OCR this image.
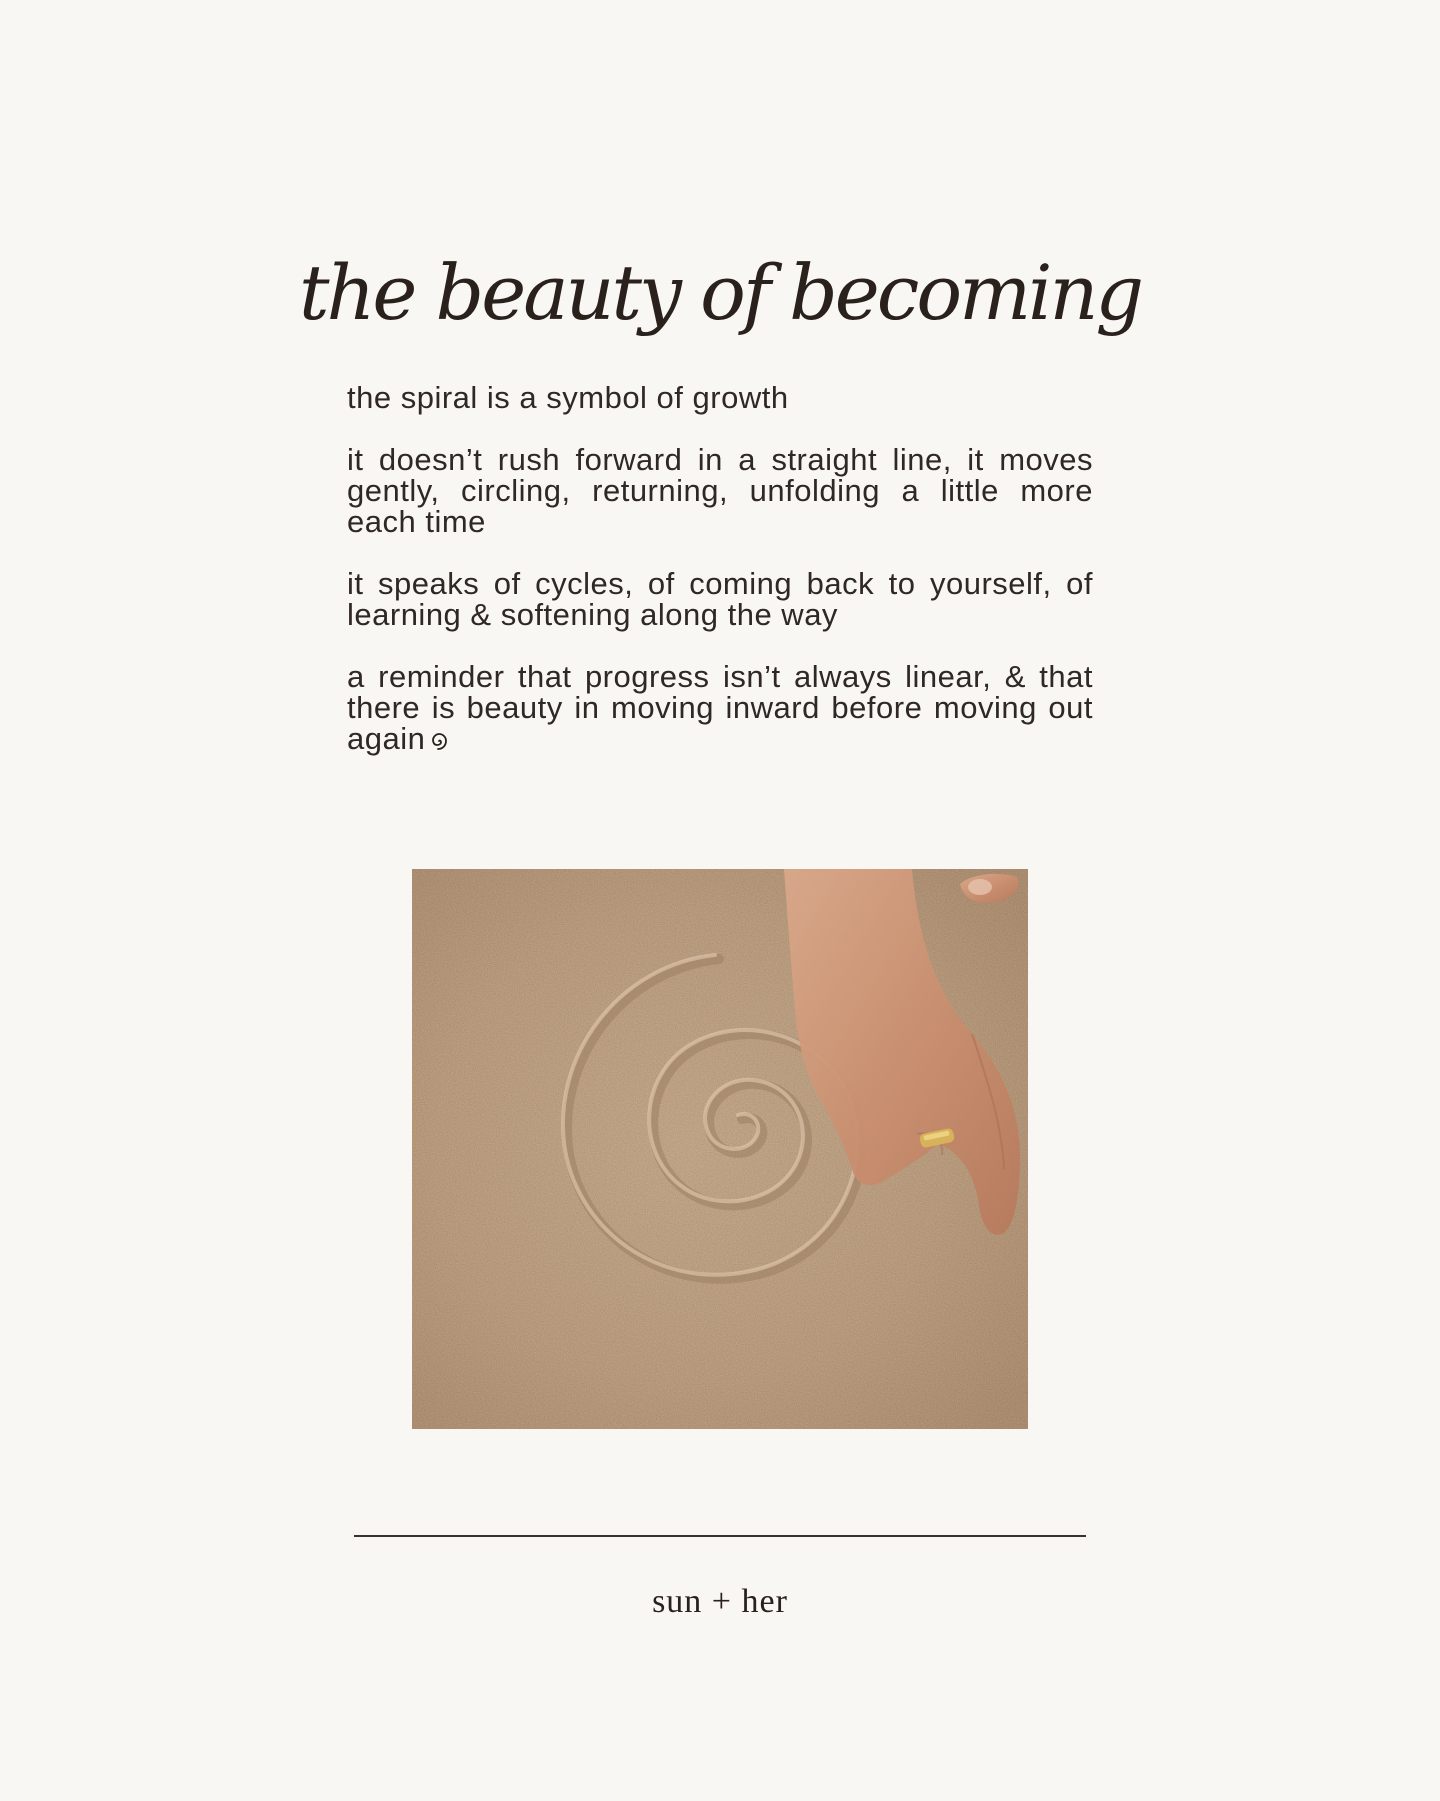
the beauty of becoming

the spiral is a symbol of growth

it doesn’t rush forward in a straight line, it moves gently, circling, returning, unfolding a little more each time

it speaks of cycles, of coming back to yourself, of learning & softening along the way

a reminder that progress isn’t always linear, & that there is beauty in moving inward before moving out again

sun + her
